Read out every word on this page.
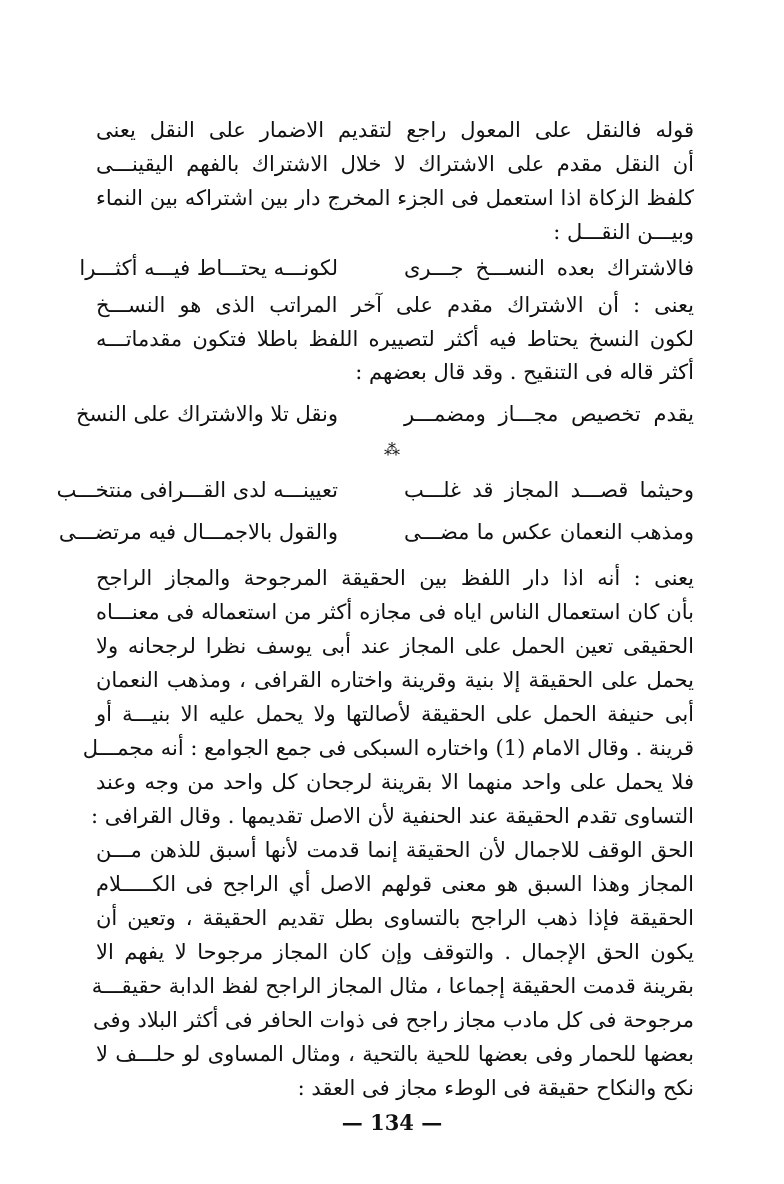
قوله فالنقل على المعول راجع لتقديم الاضمار على النقل يعنى
أن النقل مقدم على الاشتراك لا خلال الاشتراك بالفهم اليقينـــى
كلفظ الزكاة اذا استعمل فى الجزء المخرج دار بين اشتراكه بين النماء
وبيـــن النقـــل :
فالاشتراك بعده النســـخ جـــرى
لكونـــه يحتـــاط فيـــه أكثـــرا
يعنى : أن الاشتراك مقدم على آخر المراتب الذى هو النســـخ
لكون النسخ يحتاط فيه أكثر لتصييره اللفظ باطلا فتكون مقدماتـــه
أكثر قاله فى التنقيح . وقد قال بعضهم :
يقدم تخصيص مجـــاز ومضمـــر
ونقل تلا والاشتراك على النسخ
⁂
وحيثما قصـــد المجاز قد غلـــب
تعيينـــه لدى القـــرافى منتخـــب
ومذهب النعمان عكس ما مضـــى
والقول بالاجمـــال فيه مرتضـــى
يعنى : أنه اذا دار اللفظ بين الحقيقة المرجوحة والمجاز الراجح
بأن كان استعمال الناس اياه فى مجازه أكثر من استعماله فى معنـــاه
الحقيقى تعين الحمل على المجاز عند أبى يوسف نظرا لرجحانه ولا
يحمل على الحقيقة إلا بنية وقرينة واختاره القرافى ، ومذهب النعمان
أبى حنيفة الحمل على الحقيقة لأصالتها ولا يحمل عليه الا بنيـــة أو
قرينة . وقال الامام (1) واختاره السبكى فى جمع الجوامع : أنه مجمـــل
فلا يحمل على واحد منهما الا بقرينة لرجحان كل واحد من وجه وعند
التساوى تقدم الحقيقة عند الحنفية لأن الاصل تقديمها . وقال القرافى :
الحق الوقف للاجمال لأن الحقيقة إنما قدمت لأنها أسبق للذهن مـــن
المجاز وهذا السبق هو معنى قولهم الاصل أي الراجح فى الكـــــلام
الحقيقة فإذا ذهب الراجح بالتساوى بطل تقديم الحقيقة ، وتعين أن
يكون الحق الإجمال . والتوقف وإن كان المجاز مرجوحا لا يفهم الا
بقرينة قدمت الحقيقة إجماعا ، مثال المجاز الراجح لفظ الدابة حقيقـــة
مرجوحة فى كل مادب مجاز راجح فى ذوات الحافر فى أكثر البلاد وفى
بعضها للحمار وفى بعضها للحية بالتحية ، ومثال المساوى لو حلـــف لا
نكح والنكاح حقيقة فى الوطء مجاز فى العقد :
— 134 —
